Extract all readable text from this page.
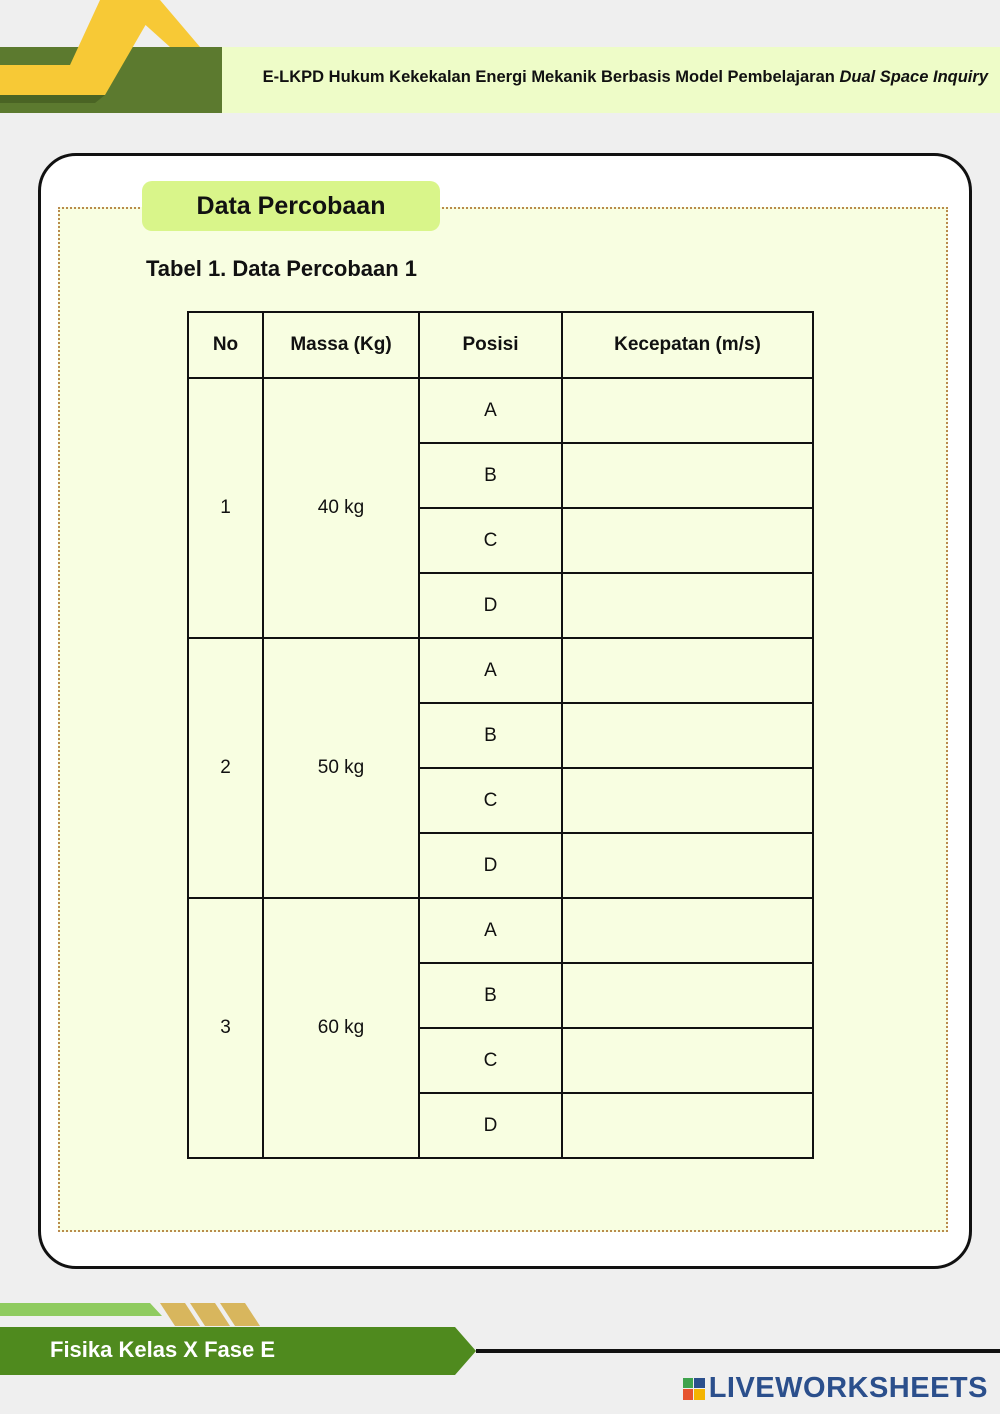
E-LKPD Hukum Kekekalan Energi Mekanik Berbasis Model Pembelajaran Dual Space Inquiry
Data Percobaan
Tabel 1. Data Percobaan 1
No	Massa (Kg)	Posisi	Kecepatan (m/s)
1	40 kg	A	
		B	
		C	
		D	
2	50 kg	A	
		B	
		C	
		D	
3	60 kg	A	
		B	
		C	
		D	
Fisika Kelas X Fase E
LIVEWORKSHEETS
